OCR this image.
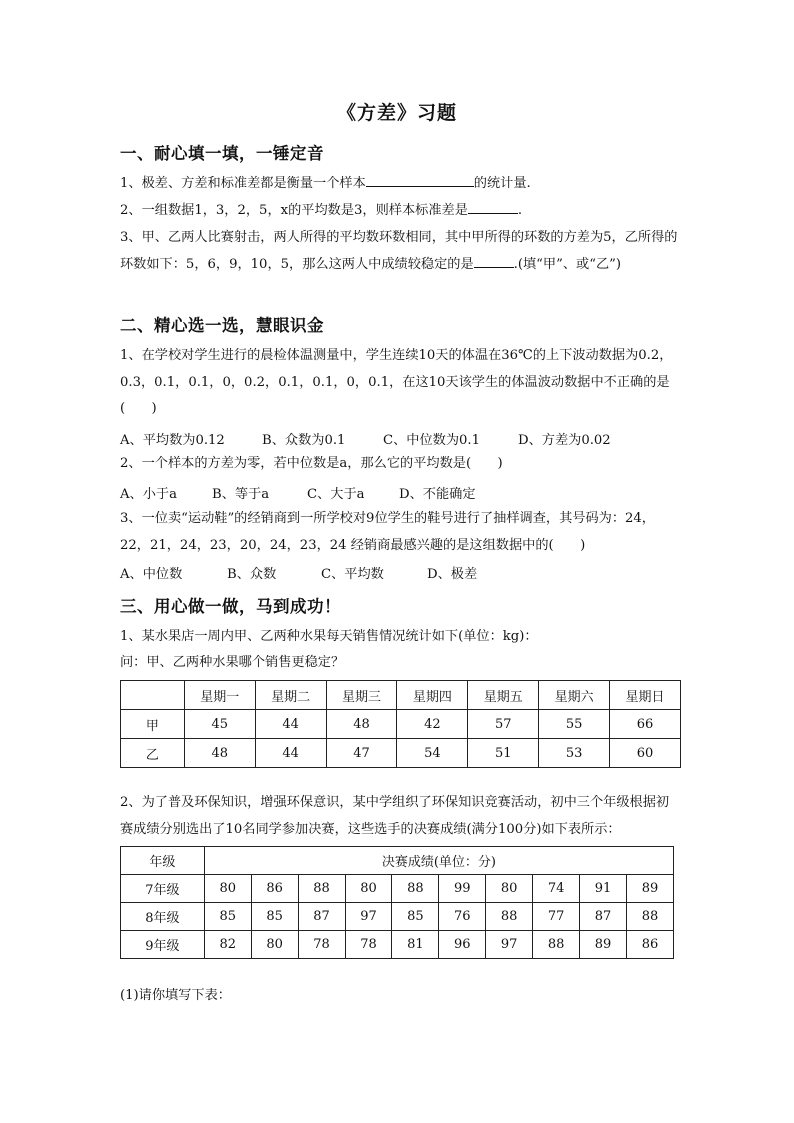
《方差》习题
一、耐心填一填，一锤定音
1、极差、方差和标准差都是衡量一个样本	的统计量.
2、一组数据1，3，2，5，x的平均数是3，则样本标准差是	.
3、甲、乙两人比赛射击，两人所得的平均数环数相同，其中甲所得的环数的方差为5，乙所得的环数如下：5，6，9，10，5，那么这两人中成绩较稳定的是	.(填“甲”、或“乙”)
二、精心选一选，慧眼识金
1、在学校对学生进行的晨检体温测量中，学生连续10天的体温在36℃的上下波动数据为0.2，0.3，0.1，0.1，0，0.2，0.1，0.1，0，0.1，在这10天该学生的体温波动数据中不正确的是(　　)
A、平均数为0.12	B、众数为0.1	C、中位数为0.1	D、方差为0.02
2、一个样本的方差为零，若中位数是a，那么它的平均数是(　　)
A、小于a	B、等于a	C、大于a	D、不能确定
3、一位卖“运动鞋”的经销商到一所学校对9位学生的鞋号进行了抽样调查，其号码为：24，22，21，24，23，20，24，23，24 经销商最感兴趣的是这组数据中的(　　)
A、中位数	B、众数	C、平均数	D、极差
三、用心做一做，马到成功！
1、某水果店一周内甲、乙两种水果每天销售情况统计如下(单位：kg)：
问：甲、乙两种水果哪个销售更稳定？
	星期一	星期二	星期三	星期四	星期五	星期六	星期日
甲	45	44	48	42	57	55	66
乙	48	44	47	54	51	53	60
2、为了普及环保知识，增强环保意识，某中学组织了环保知识竞赛活动，初中三个年级根据初赛成绩分别选出了10名同学参加决赛，这些选手的决赛成绩(满分100分)如下表所示：
年级	决赛成绩(单位：分)									
7年级	80	86	88	80	88	99	80	74	91	89
8年级	85	85	87	97	85	76	88	77	87	88
9年级	82	80	78	78	81	96	97	88	89	86
(1)请你填写下表：
